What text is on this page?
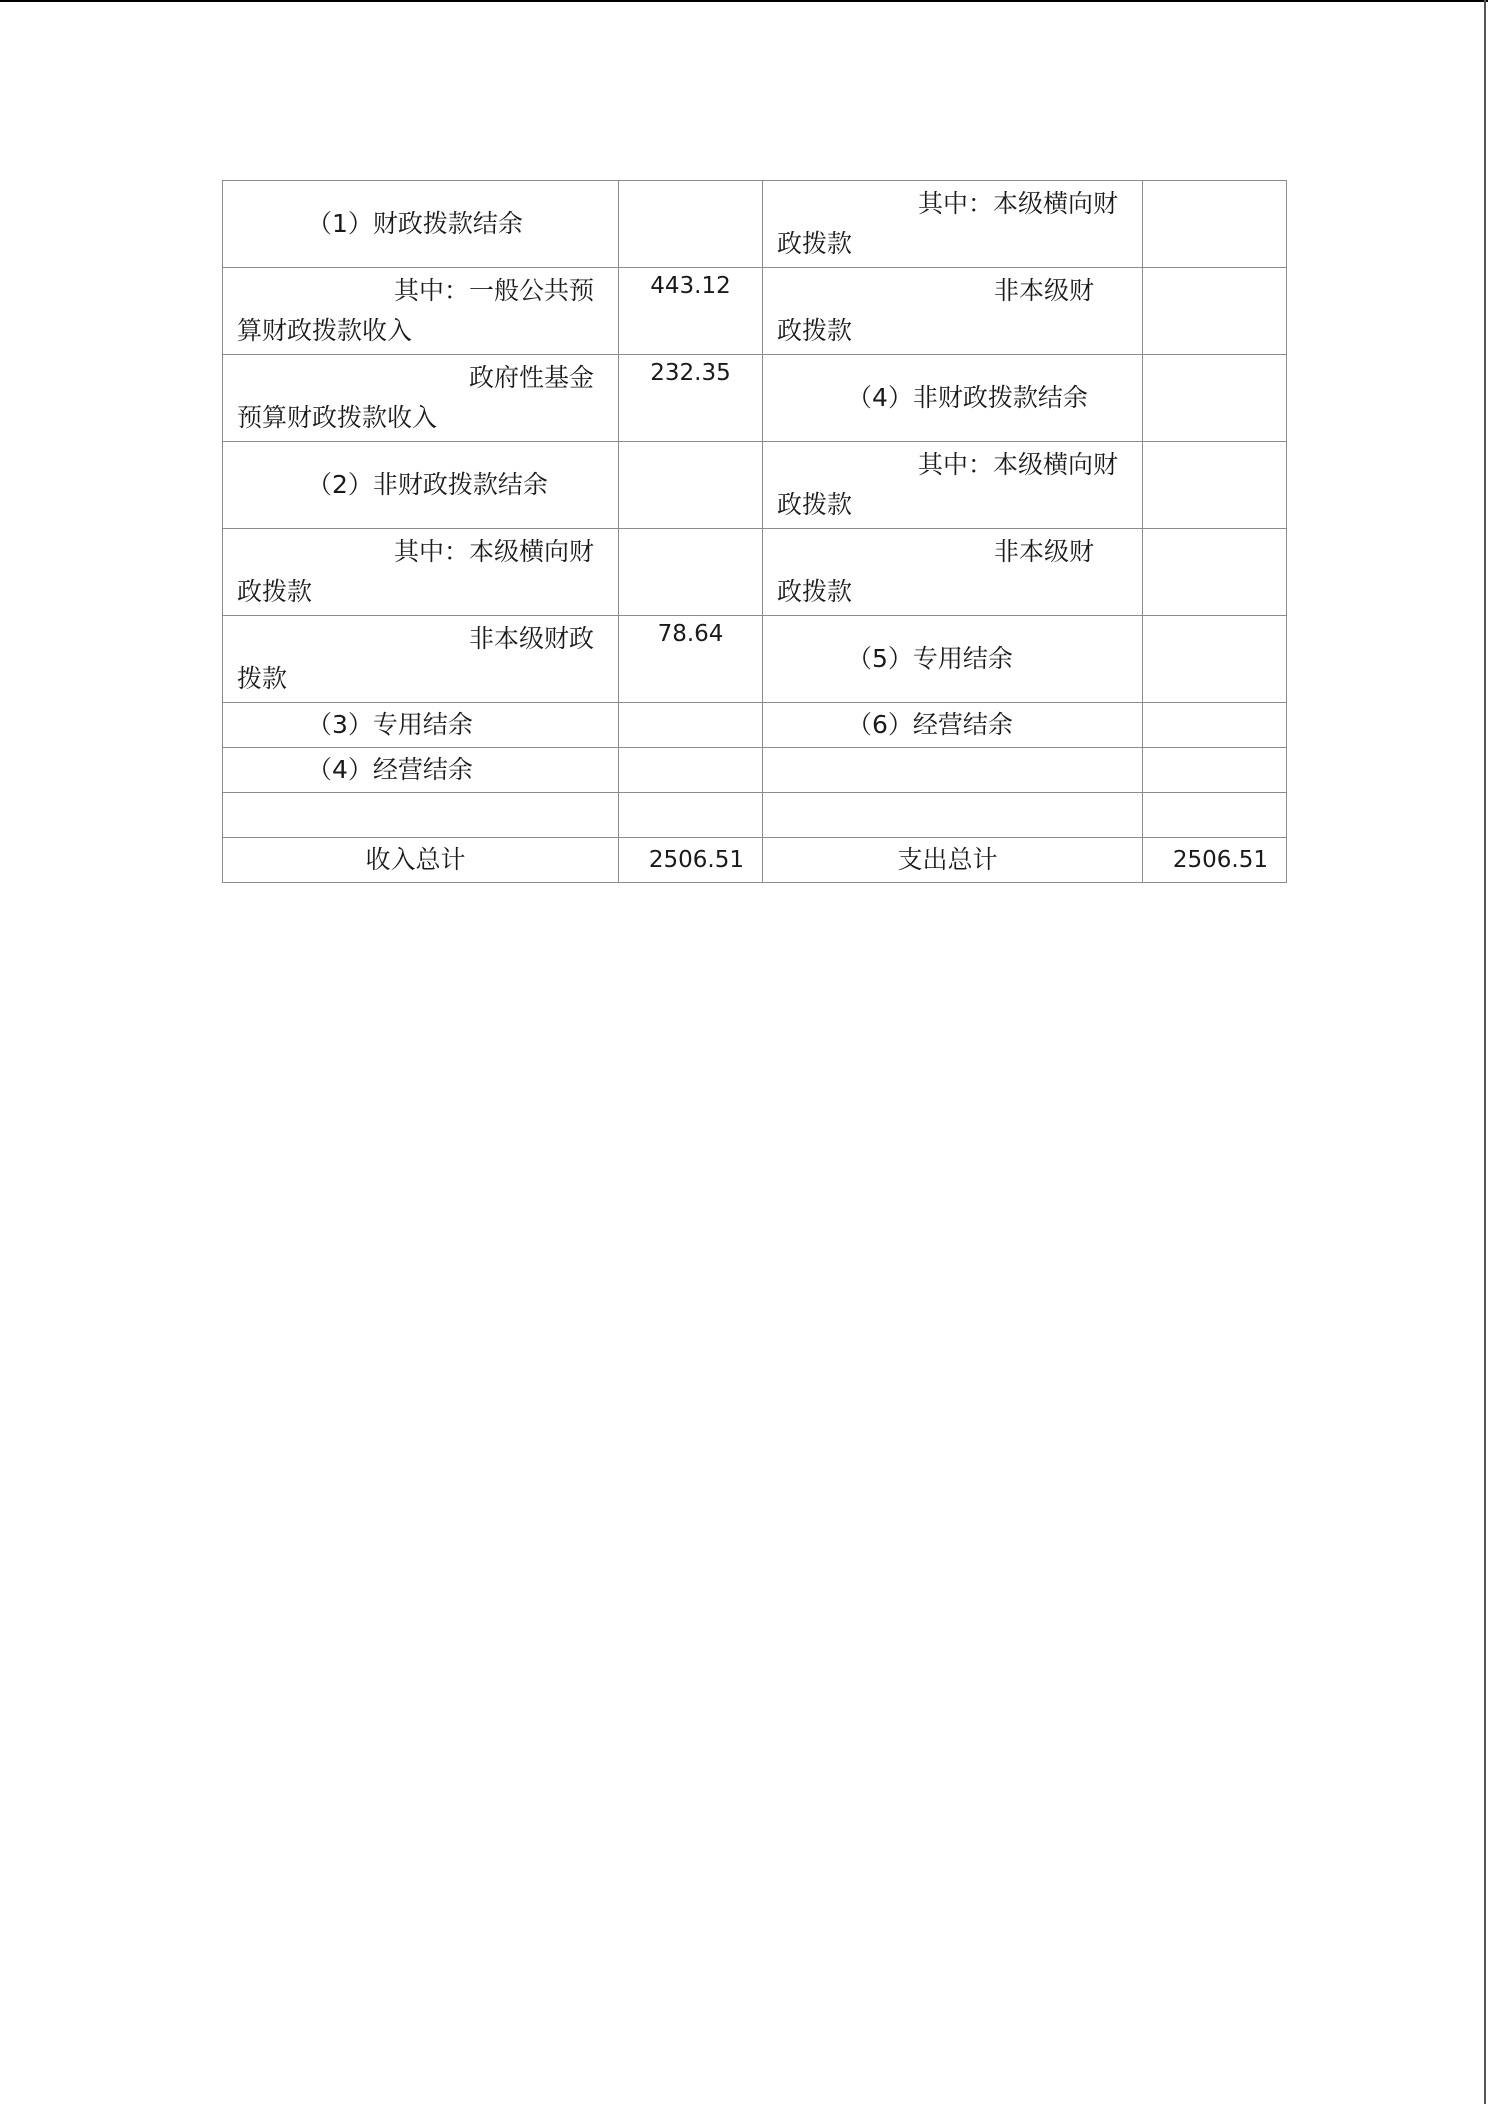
（1）财政拨款结余		其中：本级横向财
政拨款	

其中：一般公共预
算财政拨款收入	443.12	非本级财
政拨款	

政府性基金
预算财政拨款收入	232.35	（4）非财政拨款结余	

（2）非财政拨款结余		其中：本级横向财
政拨款	

其中：本级横向财
政拨款		非本级财
政拨款	

非本级财政
拨款	78.64	（5）专用结余	

（3）专用结余		（6）经营结余	

（4）经营结余			

收入总计	2506.51	支出总计	2506.51
